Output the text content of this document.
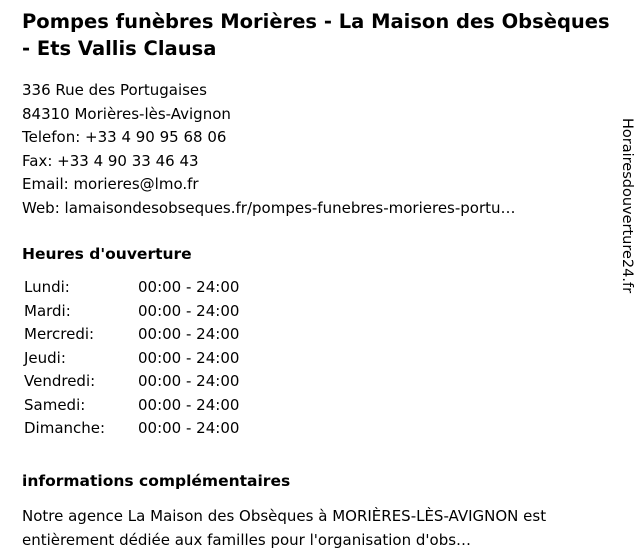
Pompes funèbres Morières - La Maison des Obsèques - Ets Vallis Clausa
336 Rue des Portugaises
84310 Morières-lès-Avignon
Telefon: +33 4 90 95 68 06
Fax: +33 4 90 33 46 43
Email: morieres@lmo.fr
Web: lamaisondesobseques.fr/pompes-funebres-morieres-portu…
Heures d'ouverture
Lundi:	00:00 - 24:00
Mardi:	00:00 - 24:00
Mercredi:	00:00 - 24:00
Jeudi:	00:00 - 24:00
Vendredi:	00:00 - 24:00
Samedi:	00:00 - 24:00
Dimanche:	00:00 - 24:00
informations complémentaires
Notre agence La Maison des Obsèques à MORIÈRES-LÈS-AVIGNON est entièrement dédiée aux familles pour l'organisation d'obs…
Horairesdouverture24.fr
